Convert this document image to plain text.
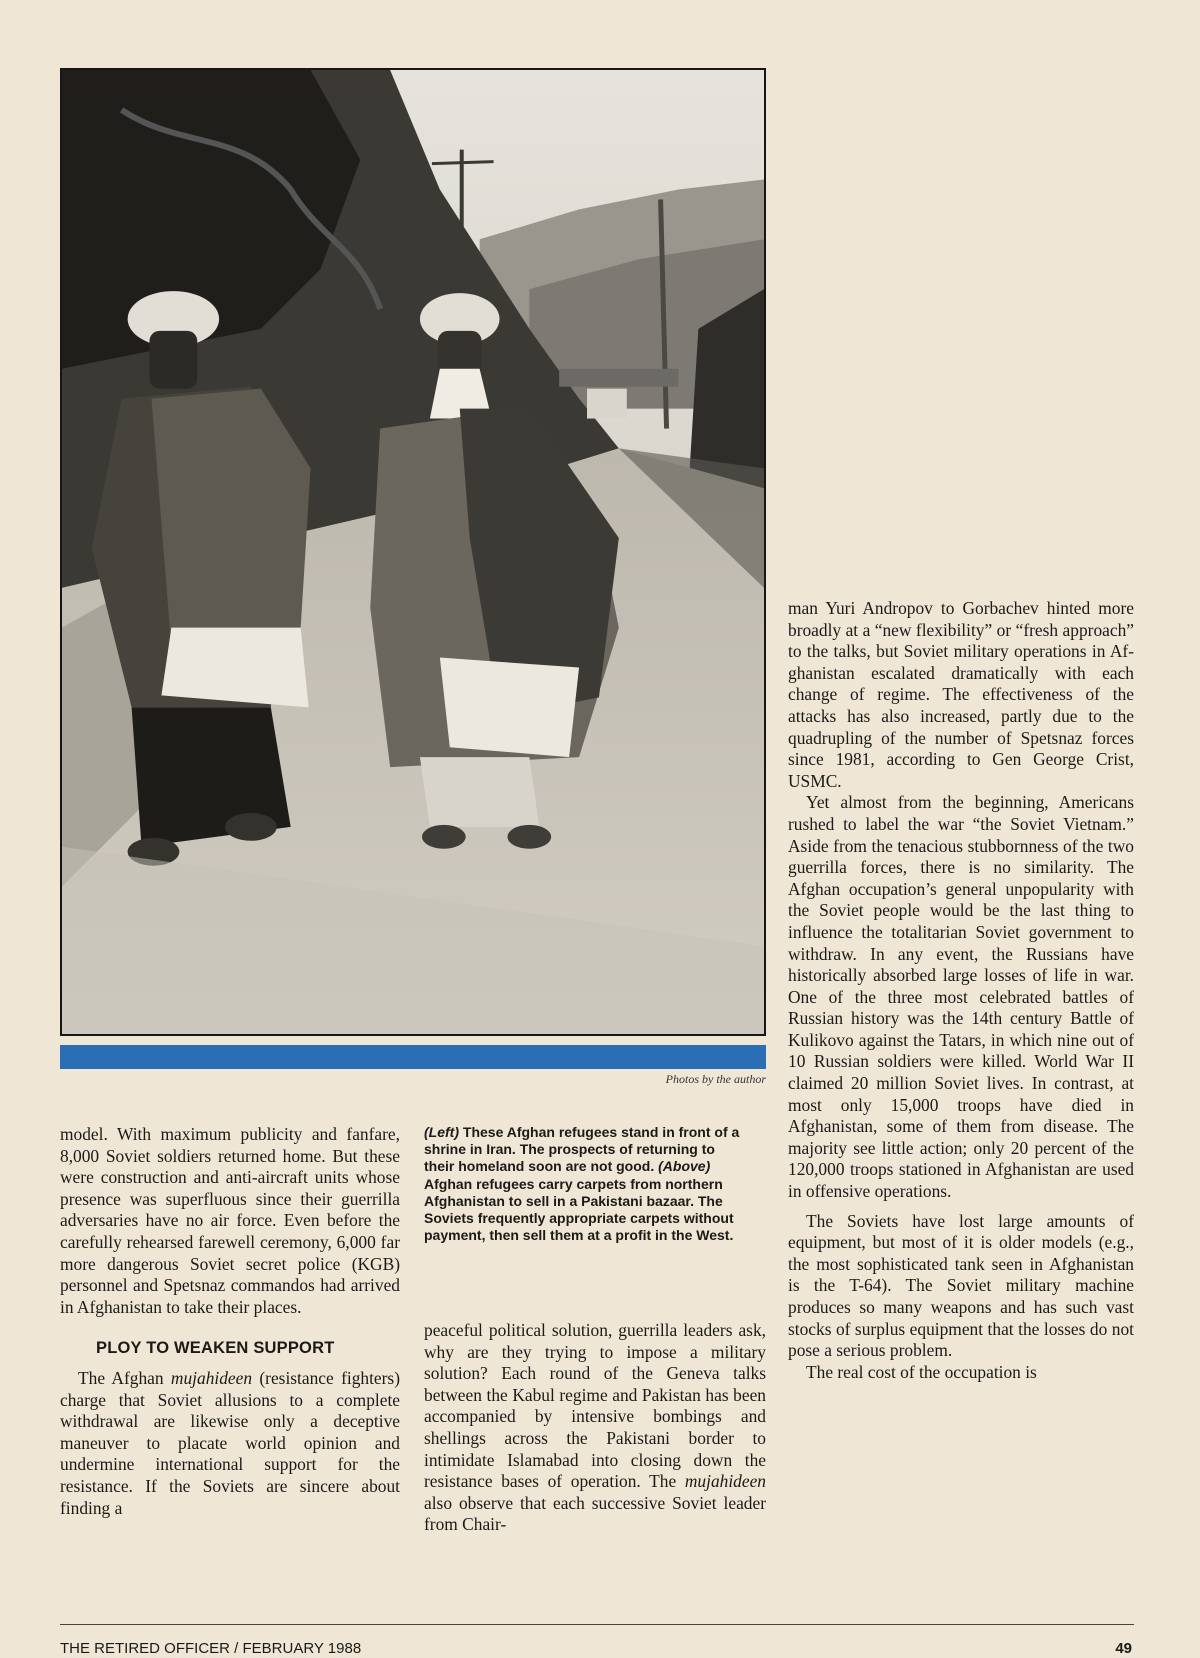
Photos by the author

model. With maximum publicity and fanfare, 8,000 Soviet soldiers returned home. But these were construction and anti-aircraft units whose presence was superfluous since their guerrilla adversaries have no air force. Even before the carefully rehearsed farewell ceremony, 6,000 far more dangerous Soviet secret police (KGB) personnel and Spetsnaz commandos had arrived in Afghanistan to take their places.

PLOY TO WEAKEN SUPPORT

The Afghan mujahideen (resistance fighters) charge that Soviet allusions to a complete withdrawal are likewise only a deceptive maneuver to placate world opinion and undermine international support for the resistance. If the Soviets are sincere about finding a

(Left) These Afghan refugees stand in front of a shrine in Iran. The prospects of returning to their homeland soon are not good. (Above) Afghan refugees carry carpets from northern Afghanistan to sell in a Pakistani bazaar. The Soviets frequently appropriate carpets without payment, then sell them at a profit in the West.

peaceful political solution, guerrilla leaders ask, why are they trying to impose a military solution? Each round of the Geneva talks between the Kabul regime and Pakistan has been accompanied by intensive bombings and shellings across the Pakistani border to intimidate Islamabad into closing down the resistance bases of operation. The mujahideen also observe that each successive Soviet leader from Chair-

man Yuri Andropov to Gorbachev hinted more broadly at a “new flexibility” or “fresh approach” to the talks, but Soviet military operations in Afghanistan escalated dramatically with each change of regime. The effectiveness of the attacks has also increased, partly due to the quadrupling of the number of Spetsnaz forces since 1981, according to Gen George Crist, USMC.

Yet almost from the beginning, Americans rushed to label the war “the Soviet Vietnam.” Aside from the tenacious stubbornness of the two guerrilla forces, there is no similarity. The Afghan occupation’s general unpopularity with the Soviet people would be the last thing to influence the totalitarian Soviet government to withdraw. In any event, the Russians have historically absorbed large losses of life in war. One of the three most celebrated battles of Russian history was the 14th century Battle of Kulikovo against the Tatars, in which nine out of 10 Russian soldiers were killed. World War II claimed 20 million Soviet lives. In contrast, at most only 15,000 troops have died in Afghanistan, some of them from disease. The majority see little action; only 20 percent of the 120,000 troops stationed in Afghanistan are used in offensive operations.

The Soviets have lost large amounts of equipment, but most of it is older models (e.g., the most sophisticated tank seen in Afghanistan is the T-64). The Soviet military machine produces so many weapons and has such vast stocks of surplus equipment that the losses do not pose a serious problem.

The real cost of the occupation is

THE RETIRED OFFICER / FEBRUARY 1988	49
